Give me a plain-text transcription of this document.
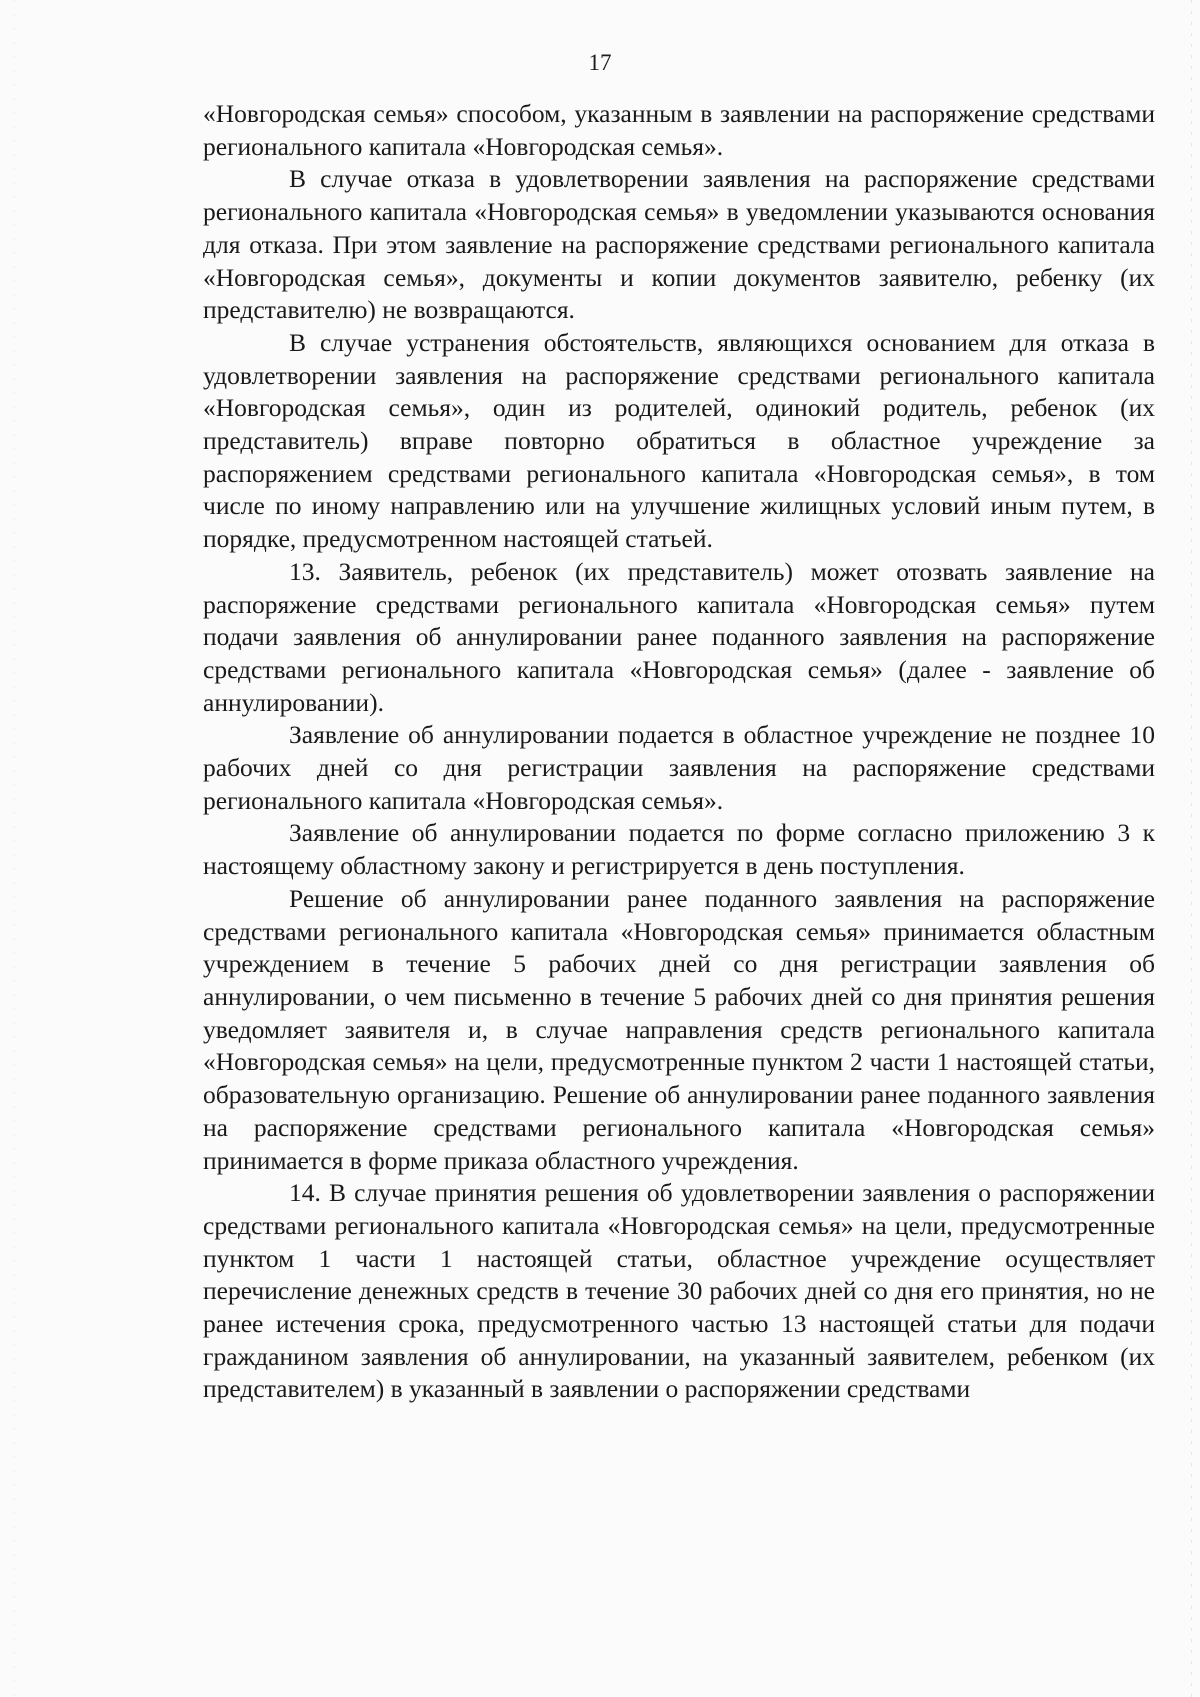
17

«Новгородская семья» способом, указанным в заявлении на распоряжение средствами регионального капитала «Новгородская семья».

В случае отказа в удовлетворении заявления на распоряжение средствами регионального капитала «Новгородская семья» в уведомлении указываются основания для отказа. При этом заявление на распоряжение средствами регионального капитала «Новгородская семья», документы и копии документов заявителю, ребенку (их представителю) не возвращаются.

В случае устранения обстоятельств, являющихся основанием для отказа в удовлетворении заявления на распоряжение средствами регионального капитала «Новгородская семья», один из родителей, одинокий родитель, ребенок (их представитель) вправе повторно обратиться в областное учреждение за распоряжением средствами регионального капитала «Новгородская семья», в том числе по иному направлению или на улучшение жилищных условий иным путем, в порядке, предусмотренном настоящей статьей.

13. Заявитель, ребенок (их представитель) может отозвать заявление на распоряжение средствами регионального капитала «Новгородская семья» путем подачи заявления об аннулировании ранее поданного заявления на распоряжение средствами регионального капитала «Новгородская семья» (далее - заявление об аннулировании).

Заявление об аннулировании подается в областное учреждение не позднее 10 рабочих дней со дня регистрации заявления на распоряжение средствами регионального капитала «Новгородская семья».

Заявление об аннулировании подается по форме согласно приложению 3 к настоящему областному закону и регистрируется в день поступления.

Решение об аннулировании ранее поданного заявления на распоряжение средствами регионального капитала «Новгородская семья» принимается областным учреждением в течение 5 рабочих дней со дня регистрации заявления об аннулировании, о чем письменно в течение 5 рабочих дней со дня принятия решения уведомляет заявителя и, в случае направления средств регионального капитала «Новгородская семья» на цели, предусмотренные пунктом 2 части 1 настоящей статьи, образовательную организацию. Решение об аннулировании ранее поданного заявления на распоряжение средствами регионального капитала «Новгородская семья» принимается в форме приказа областного учреждения.

14. В случае принятия решения об удовлетворении заявления о распоряжении средствами регионального капитала «Новгородская семья» на цели, предусмотренные пунктом 1 части 1 настоящей статьи, областное учреждение осуществляет перечисление денежных средств в течение 30 рабочих дней со дня его принятия, но не ранее истечения срока, предусмотренного частью 13 настоящей статьи для подачи гражданином заявления об аннулировании, на указанный заявителем, ребенком (их представителем) в указанный в заявлении о распоряжении средствами
